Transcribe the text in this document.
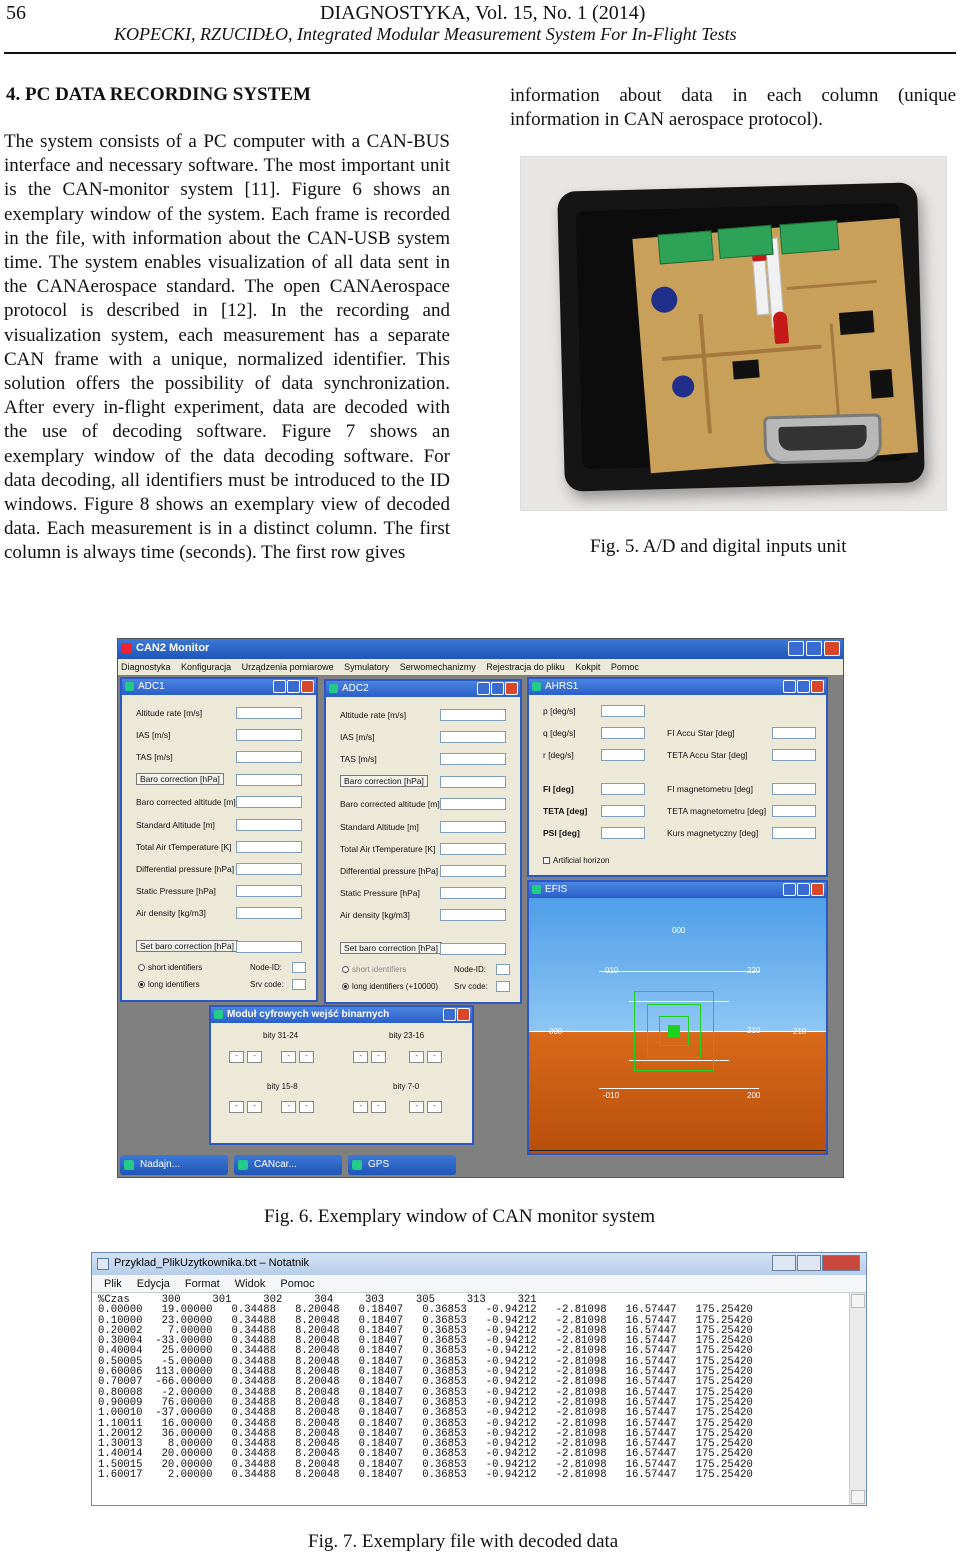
56	DIAGNOSTYKA, Vol. 15, No. 1 (2014)
KOPECKI, RZUCIDŁO, Integrated Modular Measurement System For In-Flight Tests
4. PC DATA RECORDING SYSTEM
The system consists of a PC computer with a CAN-BUS interface and necessary software. The most important unit is the CAN-monitor system [11]. Figure 6 shows an exemplary window of the system. Each frame is recorded in the file, with information about the CAN-USB system time. The system enables visualization of all data sent in the CANAerospace standard. The open CANAerospace protocol is described in [12]. In the recording and visualization system, each measurement has a separate CAN frame with a unique, normalized identifier. This solution offers the possibility of data synchronization. After every in-flight experiment, data are decoded with the use of decoding software. Figure 7 shows an exemplary window of the data decoding software. For data decoding, all identifiers must be introduced to the ID windows. Figure 8 shows an exemplary view of decoded data. Each measurement is in a distinct column. The first column is always time (seconds). The first row gives
information about data in each column (unique information in CAN aerospace protocol).
Fig. 5. A/D and digital inputs unit
CAN2 Monitor
Diagnostyka Konfiguracja Urządzenia pomiarowe Symulatory Serwomechanizmy Rejestracja do pliku Kokpit Pomoc
ADC1
Altitude rate [m/s]
IAS [m/s]
TAS [m/s]
Baro correction [hPa]
Baro corrected altitude [m]
Standard Altitude [m]
Total Air tTemperature [K]
Differential pressure [hPa]
Static Pressure [hPa]
Air density [kg/m3]
Set baro correction [hPa]
short identifiers
long identifiers
Node-ID:
Srv code:
ADC2
Altitude rate [m/s]
IAS [m/s]
TAS [m/s]
Baro correction [hPa]
Baro corrected altitude [m]
Standard Altitude [m]
Total Air tTemperature [K]
Differential pressure [hPa]
Static Pressure [hPa]
Air density [kg/m3]
Set baro correction [hPa]
short identifiers
long identifiers (+10000)
Node-ID:
Srv code:
AHRS1
p [deg/s]
q [deg/s]
r [deg/s]
FI [deg]
TETA [deg]
PSI [deg]
FI Accu Star [deg]
TETA Accu Star [deg]
FI magnetometru [deg]
TETA magnetometru [deg]
Kurs magnetyczny [deg]
Artificial horizon
EFIS
000
010	220
000	210	210
-010	200
Moduł cyfrowych wejść binarnych
bity 31-24	bity 23-16
bity 15-8	bity 7-0
-	-	-	-	-	-	-	-
-	-	-	-	-	-	-	-
Nadajn...	CANcar...	GPS
Fig. 6. Exemplary window of CAN monitor system
Przyklad_PlikUzytkownika.txt – Notatnik
Plik Edycja Format Widok Pomoc
%Czas     300     301     302     304     303     305     313     321
0.00000   19.00000   0.34488   8.20048   0.18407   0.36853   -0.94212   -2.81098   16.57447   175.25420
0.10000   23.00000   0.34488   8.20048   0.18407   0.36853   -0.94212   -2.81098   16.57447   175.25420
0.20002    7.00000   0.34488   8.20048   0.18407   0.36853   -0.94212   -2.81098   16.57447   175.25420
0.30004  -33.00000   0.34488   8.20048   0.18407   0.36853   -0.94212   -2.81098   16.57447   175.25420
0.40004   25.00000   0.34488   8.20048   0.18407   0.36853   -0.94212   -2.81098   16.57447   175.25420
0.50005   -5.00000   0.34488   8.20048   0.18407   0.36853   -0.94212   -2.81098   16.57447   175.25420
0.60006  113.00000   0.34488   8.20048   0.18407   0.36853   -0.94212   -2.81098   16.57447   175.25420
0.70007  -66.00000   0.34488   8.20048   0.18407   0.36853   -0.94212   -2.81098   16.57447   175.25420
0.80008   -2.00000   0.34488   8.20048   0.18407   0.36853   -0.94212   -2.81098   16.57447   175.25420
0.90009   76.00000   0.34488   8.20048   0.18407   0.36853   -0.94212   -2.81098   16.57447   175.25420
1.00010  -37.00000   0.34488   8.20048   0.18407   0.36853   -0.94212   -2.81098   16.57447   175.25420
1.10011   16.00000   0.34488   8.20048   0.18407   0.36853   -0.94212   -2.81098   16.57447   175.25420
1.20012   36.00000   0.34488   8.20048   0.18407   0.36853   -0.94212   -2.81098   16.57447   175.25420
1.30013    8.00000   0.34488   8.20048   0.18407   0.36853   -0.94212   -2.81098   16.57447   175.25420
1.40014   20.00000   0.34488   8.20048   0.18407   0.36853   -0.94212   -2.81098   16.57447   175.25420
1.50015   20.00000   0.34488   8.20048   0.18407   0.36853   -0.94212   -2.81098   16.57447   175.25420
1.60017    2.00000   0.34488   8.20048   0.18407   0.36853   -0.94212   -2.81098   16.57447   175.25420
Fig. 7. Exemplary file with decoded data
